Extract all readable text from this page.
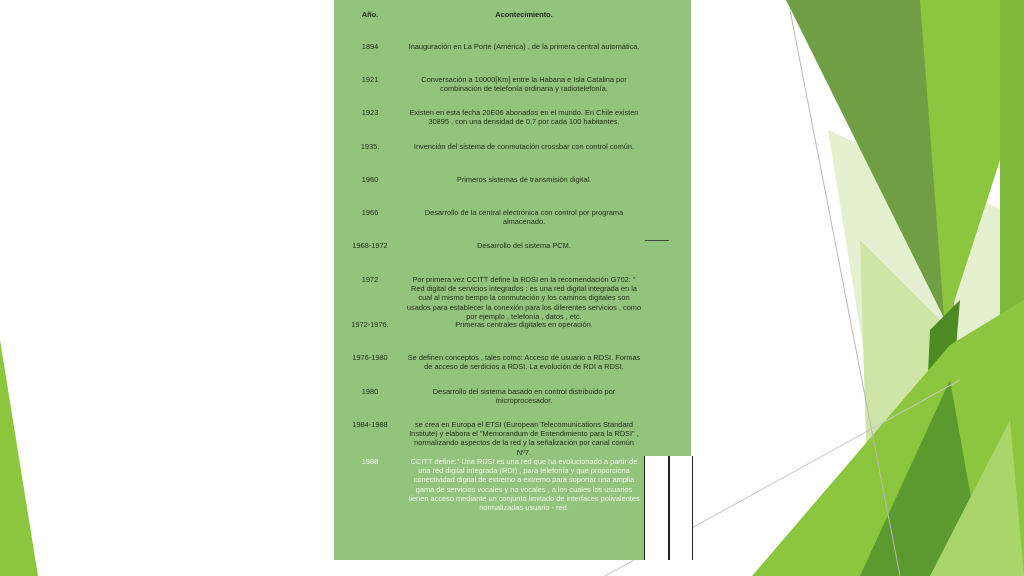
Año.	Acontecimiento.
1894	Inauguración en La Porte (América) , de la primera central automática.
1921	Conversación a 10000[Km] entre la Habana e Isla Catalina por combinación de telefonía ordinaria y radiotelefonía.
1923	Existen en esta fecha 20E06 abonados en el mundo. En Chile existen 30895 , con una densidad de 0,7 por cada 100 habitantes.
1935.	Invención del sistema de conmutación crossbar con control común.
1960	Primeros sistemas de transmisión digital.
1966	Desarrollo de la central electrónica con control por programa almacenado.
1968-1972	Desarrollo del sistema PCM.
1972	Por primera vez CCITT define la RDSI en la recomendación G702: " Red digital de servicios integrados : es una red digital integrada en la cual al mismo tiempo la conmutación y los caminos digitales son usados para establecer la conexión para los diferentes servicios , como por ejemplo , telefonía , datos , etc.
1972-1976.	Primeras centrales digitales en operación.
1976-1980	Se definen conceptos , tales como: Acceso de usuario a RDSI. Formas de acceso de serdicios a RDSI. La evolución de RDI a RDSI.
1980	Desarrollo del sistema basado en control distribuido por microprocesador.
1984-1988	se crea en Europa el ETSI (European Telecomunications Standard Institute) y elabora el "Memorandum de Entendimiento para la RDSI" , normalizando aspectos de la red y la señalización por canal común Nº7.
1988	CCITT define:" Una RDSI es una red que ha evolucionado a partir de una red digital integrada (RDI) , para telefonía y que proporciona conectividad digital de extremo a extremo para soportar una amplia gama de servicios vocales y no vocales , a los cuales los usuarios tienen acceso mediante un conjunto limitado de interfaces polivalentes normalizadas usuario - red.
